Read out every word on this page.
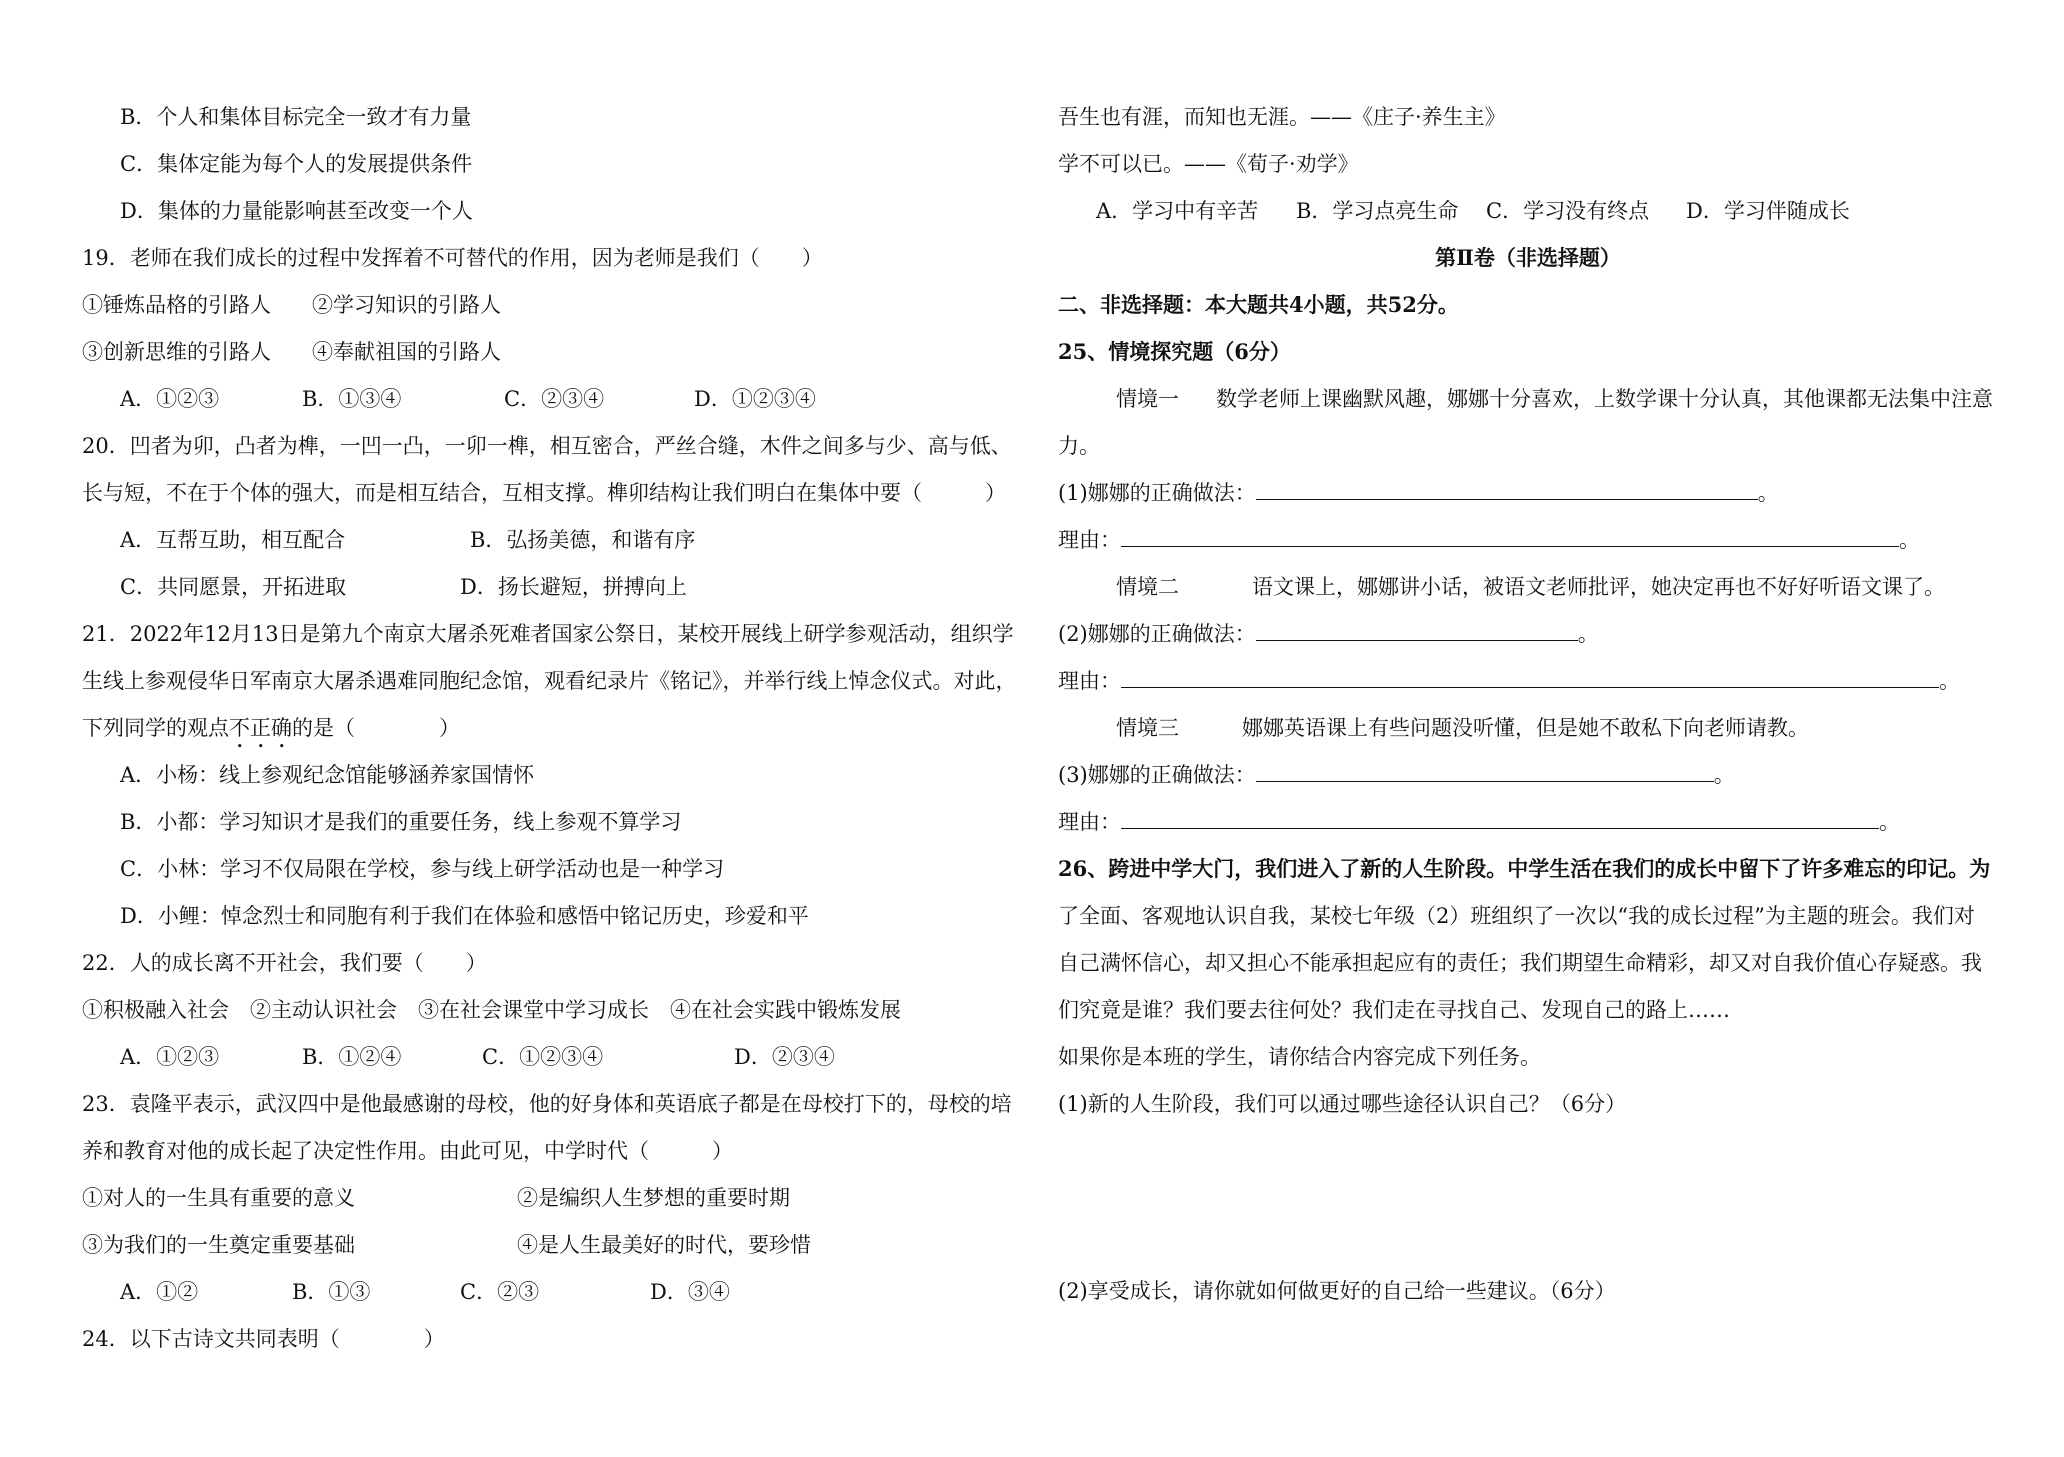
B．个人和集体目标完全一致才有力量
C．集体定能为每个人的发展提供条件
D．集体的力量能影响甚至改变一个人
19．老师在我们成长的过程中发挥着不可替代的作用，因为老师是我们（　　）
①锤炼品格的引路人 ②学习知识的引路人
③创新思维的引路人 ④奉献祖国的引路人
A．①②③	B．①③④	C．②③④	D．①②③④
20．凹者为卯，凸者为榫，一凹一凸，一卯一榫，相互密合，严丝合缝，木件之间多与少、高与低、
长与短，不在于个体的强大，而是相互结合，互相支撑。榫卯结构让我们明白在集体中要（　　　）
A．互帮互助，相互配合	B．弘扬美德，和谐有序
C．共同愿景，开拓进取	D．扬长避短，拼搏向上
21．2022年12月13日是第九个南京大屠杀死难者国家公祭日，某校开展线上研学参观活动，组织学
生线上参观侵华日军南京大屠杀遇难同胞纪念馆，观看纪录片《铭记》，并举行线上悼念仪式。对此，
下列同学的观点不正确的是（　　　　）
A．小杨：线上参观纪念馆能够涵养家国情怀
B．小都：学习知识才是我们的重要任务，线上参观不算学习
C．小林：学习不仅局限在学校，参与线上研学活动也是一种学习
D．小鲤：悼念烈士和同胞有利于我们在体验和感悟中铭记历史，珍爱和平
22．人的成长离不开社会，我们要（　　）
①积极融入社会　②主动认识社会　③在社会课堂中学习成长　④在社会实践中锻炼发展
A．①②③	B．①②④	C．①②③④	D．②③④
23．袁隆平表示，武汉四中是他最感谢的母校，他的好身体和英语底子都是在母校打下的，母校的培
养和教育对他的成长起了决定性作用。由此可见，中学时代（　　　）
①对人的一生具有重要的意义	②是编织人生梦想的重要时期
③为我们的一生奠定重要基础	④是人生最美好的时代，要珍惜
A．①②	B．①③	C．②③	D．③④
24．以下古诗文共同表明（　　　　）
吾生也有涯，而知也无涯。——《庄子·养生主》
学不可以已。——《荀子·劝学》
A．学习中有辛苦 B．学习点亮生命 C．学习没有终点 D．学习伴随成长
第Ⅱ卷（非选择题）
二、非选择题：本大题共4小题，共52分。
25、情境探究题（6分）
情境一 数学老师上课幽默风趣，娜娜十分喜欢，上数学课十分认真，其他课都无法集中注意
力。
(1)娜娜的正确做法：	。
理由：	。
情境二	语文课上，娜娜讲小话，被语文老师批评，她决定再也不好好听语文课了。
(2)娜娜的正确做法：	。
理由：	。
情境三	娜娜英语课上有些问题没听懂，但是她不敢私下向老师请教。
(3)娜娜的正确做法：	。
理由：	。
26、跨进中学大门，我们进入了新的人生阶段。中学生活在我们的成长中留下了许多难忘的印记。为
了全面、客观地认识自我，某校七年级（2）班组织了一次以“我的成长过程”为主题的班会。我们对
自己满怀信心，却又担心不能承担起应有的责任；我们期望生命精彩，却又对自我价值心存疑惑。我
们究竟是谁？我们要去往何处？我们走在寻找自己、发现自己的路上……
如果你是本班的学生，请你结合内容完成下列任务。
(1)新的人生阶段，我们可以通过哪些途径认识自己？（6分）
(2)享受成长，请你就如何做更好的自己给一些建议。（6分）
